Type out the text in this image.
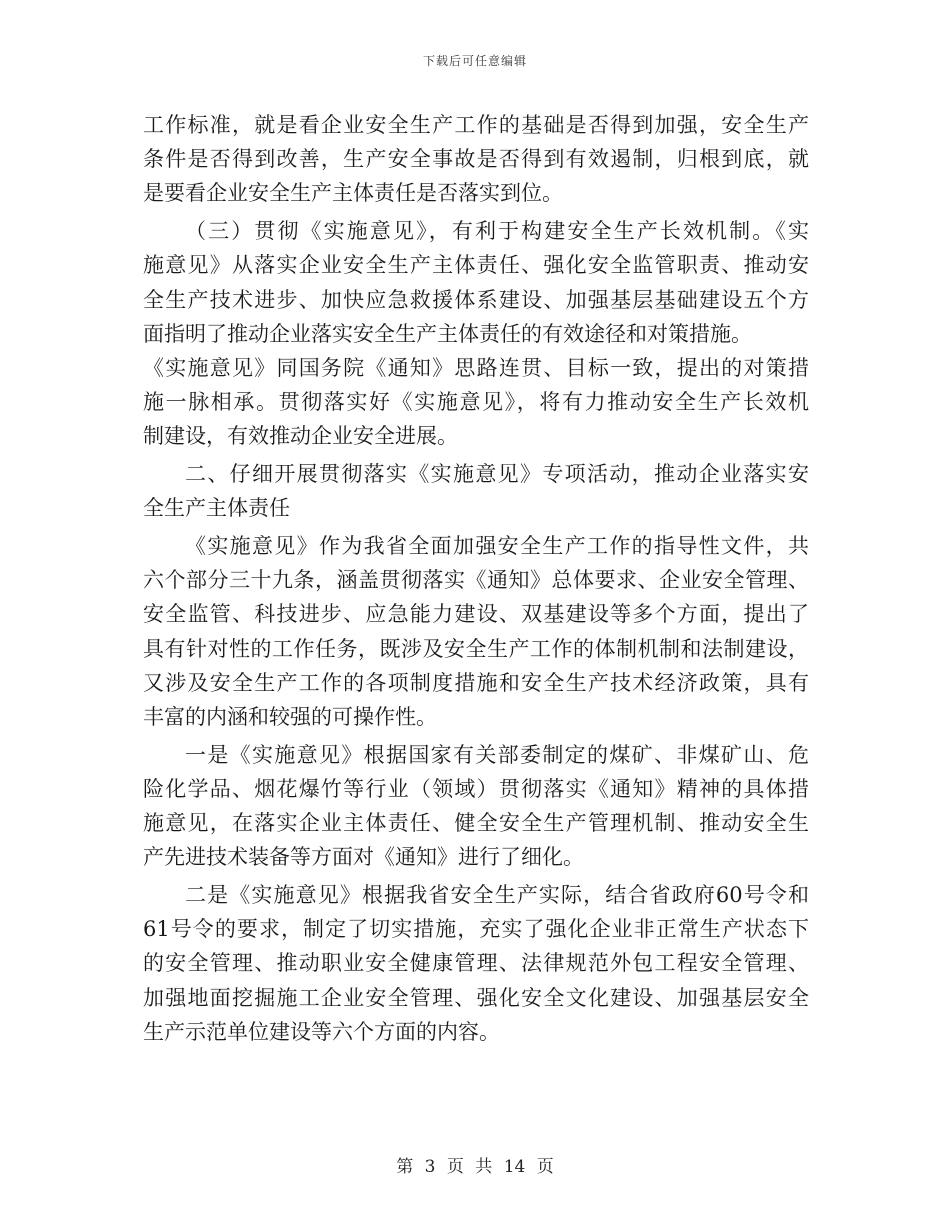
下载后可任意编辑
工作标准，就是看企业安全生产工作的基础是否得到加强，安全生产
条件是否得到改善，生产安全事故是否得到有效遏制，归根到底，就
是要看企业安全生产主体责任是否落实到位。
（三）贯彻《实施意见》，有利于构建安全生产长效机制。《实
施意见》从落实企业安全生产主体责任、强化安全监管职责、推动安
全生产技术进步、加快应急救援体系建设、加强基层基础建设五个方
面指明了推动企业落实安全生产主体责任的有效途径和对策措施。
《实施意见》同国务院《通知》思路连贯、目标一致，提出的对策措
施一脉相承。贯彻落实好《实施意见》，将有力推动安全生产长效机
制建设，有效推动企业安全进展。
二、仔细开展贯彻落实《实施意见》专项活动，推动企业落实安
全生产主体责任
《实施意见》作为我省全面加强安全生产工作的指导性文件，共
六个部分三十九条，涵盖贯彻落实《通知》总体要求、企业安全管理、
安全监管、科技进步、应急能力建设、双基建设等多个方面，提出了
具有针对性的工作任务，既涉及安全生产工作的体制机制和法制建设，
又涉及安全生产工作的各项制度措施和安全生产技术经济政策，具有
丰富的内涵和较强的可操作性。
一是《实施意见》根据国家有关部委制定的煤矿、非煤矿山、危
险化学品、烟花爆竹等行业（领域）贯彻落实《通知》精神的具体措
施意见，在落实企业主体责任、健全安全生产管理机制、推动安全生
产先进技术装备等方面对《通知》进行了细化。
二是《实施意见》根据我省安全生产实际，结合省政府60号令和
61号令的要求，制定了切实措施，充实了强化企业非正常生产状态下
的安全管理、推动职业安全健康管理、法律规范外包工程安全管理、
加强地面挖掘施工企业安全管理、强化安全文化建设、加强基层安全
生产示范单位建设等六个方面的内容。
第 3 页 共 14 页
